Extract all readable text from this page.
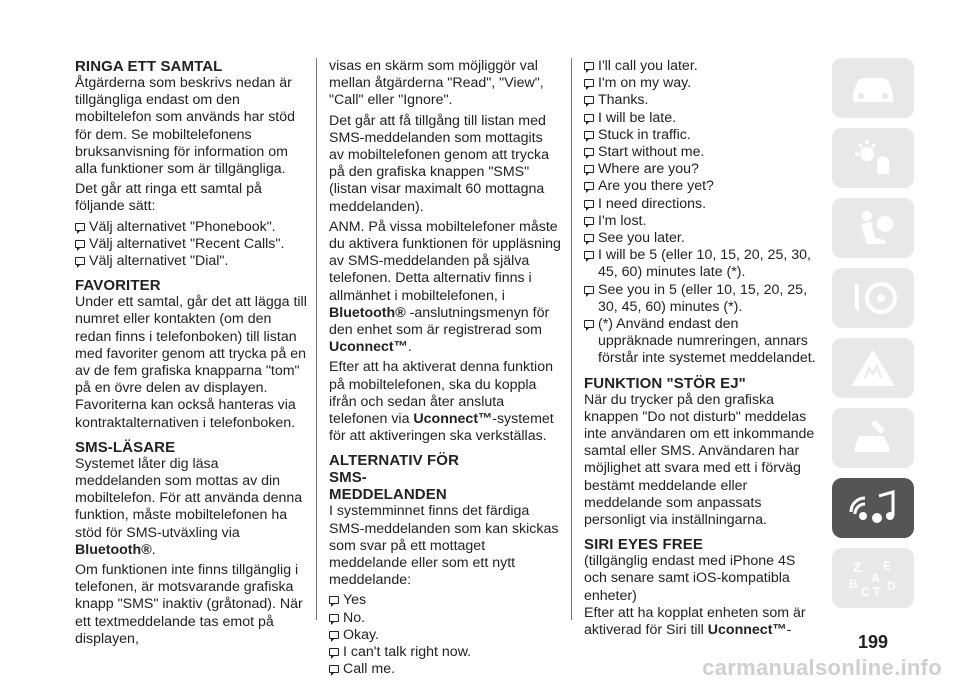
RINGA ETT SAMTAL

Åtgärderna som beskrivs nedan är tillgängliga endast om den mobiltelefon som används har stöd för dem. Se mobiltelefonens bruksanvisning för information om alla funktioner som är tillgängliga.

Det går att ringa ett samtal på följande sätt:

Välj alternativet "Phonebook".
Välj alternativet "Recent Calls".
Välj alternativet "Dial".
FAVORITER

Under ett samtal, går det att lägga till numret eller kontakten (om den redan finns i telefonboken) till listan med favoriter genom att trycka på en av de fem grafiska knapparna "tom" på en övre delen av displayen. Favoriterna kan också hanteras via kontraktalternativen i telefonboken.

SMS-LÄSARE

Systemet låter dig läsa meddelanden som mottas av din mobiltelefon. För att använda denna funktion, måste mobiltelefonen ha stöd för SMS-utväxling via Bluetooth®.

Om funktionen inte finns tillgänglig i telefonen, är motsvarande grafiska knapp "SMS" inaktiv (gråtonad). När ett textmeddelande tas emot på displayen,

visas en skärm som möjliggör val mellan åtgärderna "Read", "View", "Call" eller "Ignore".

Det går att få tillgång till listan med SMS-meddelanden som mottagits av mobiltelefonen genom att trycka på den grafiska knappen "SMS" (listan visar maximalt 60 mottagna meddelanden).

ANM. På vissa mobiltelefoner måste du aktivera funktionen för uppläsning av SMS-meddelanden på själva telefonen. Detta alternativ finns i allmänhet i mobiltelefonen, i Bluetooth® -anslutningsmenyn för den enhet som är registrerad som Uconnect™.

Efter att ha aktiverat denna funktion på mobiltelefonen, ska du koppla ifrån och sedan åter ansluta telefonen via Uconnect™-systemet för att aktiveringen ska verkställas.

ALTERNATIV FÖR SMS-MEDDELANDEN

I systemminnet finns det färdiga SMS-meddelanden som kan skickas som svar på ett mottaget meddelande eller som ett nytt meddelande:

Yes
No.
Okay.
I can't talk right now.
Call me.
I'll call you later.
I'm on my way.
Thanks.
I will be late.
Stuck in traffic.
Start without me.
Where are you?
Are you there yet?
I need directions.
I'm lost.
See you later.
I will be 5 (eller 10, 15, 20, 25, 30, 45, 60) minutes late (*).
See you in 5 (eller 10, 15, 20, 25, 30, 45, 60) minutes (*).
(*) Använd endast den uppräknade numreringen, annars förstår inte systemet meddelandet.
FUNKTION "STÖR EJ"

När du trycker på den grafiska knappen "Do not disturb" meddelas inte användaren om ett inkommande samtal eller SMS. Användaren har möjlighet att svara med ett i förväg bestämt meddelande eller meddelande som anpassats personligt via inställningarna.

SIRI EYES FREE

(tillgänglig endast med iPhone 4S och senare samt iOS-kompatibla enheter)

Efter att ha kopplat enheten som är aktiverad för Siri till Uconnect™-

Z E
B
C T D
A
199
carmanualsonline.info
